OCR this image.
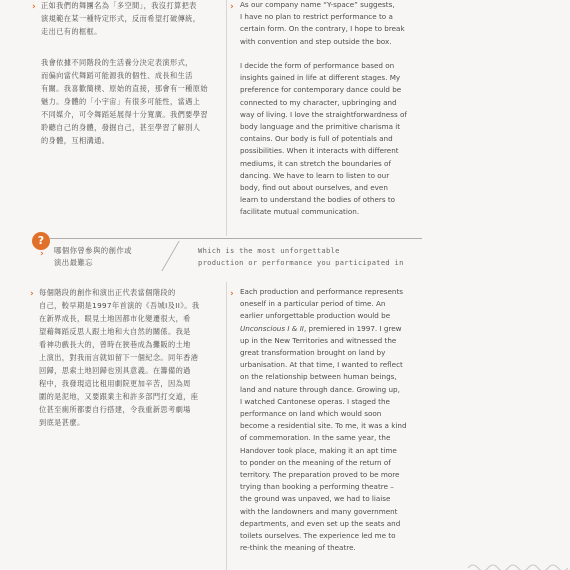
› 正如我們的舞團名為「多空間」，我沒打算把表

演規範在某一種特定形式，反而希望打破傳統，

走出已有的框框。

我會依據不同階段的生活養分決定表演形式，

而偏向當代舞蹈可能源我的個性、成長和生活

有關。我喜歡簡樸、原始的直接，那會有一種原始

魅力。身體的「小宇宙」有很多可能性，當遇上

不同媒介，可令舞蹈延展得十分寬廣。我們要學習

聆聽自己的身體，發掘自己，甚至學習了解別人

的身體，互相溝通。

› As our company name “Y-space” suggests,

I have no plan to restrict performance to a

certain form. On the contrary, I hope to break

with convention and step outside the box.

I decide the form of performance based on

insights gained in life at different stages. My

preference for contemporary dance could be

connected to my character, upbringing and

way of living. I love the straightforwardness of

body language and the primitive charisma it

contains. Our body is full of potentials and

possibilities. When it interacts with different

mediums, it can stretch the boundaries of

dancing. We have to learn to listen to our

body, find out about ourselves, and even

learn to understand the bodies of others to

facilitate mutual communication.

?
› 哪個你曾參與的創作或

演出最難忘

Which is the most unforgettable

production or performance you participated in

› 每個階段的創作和演出正代表當個階段的

自己，較早期是1997年首演的《吾城I及II》。我

在新界成長，眼見土地因都市化變遷很大，希

望藉舞蹈反思人跟土地和大自然的關係。我是

看神功戲長大的，曾時在狹巷成為攤販的土地

上演出，對我而言就如留下一個紀念。同年香港

回歸，思索土地回歸也別具意義。在籌備的過

程中，我發現這比租用劇院更加辛苦，因為周

圍的是泥地，又要跟業主和許多部門打交道，座

位甚至廁所都要自行搭建，令我重新思考劇場

到底是甚麼。

› Each production and performance represents

oneself in a particular period of time. An

earlier unforgettable production would be

Unconscious I & II, premiered in 1997. I grew

up in the New Territories and witnessed the

great transformation brought on land by

urbanisation. At that time, I wanted to reflect

on the relationship between human beings,

land and nature through dance. Growing up,

I watched Cantonese operas. I staged the

performance on land which would soon

become a residential site. To me, it was a kind

of commemoration. In the same year, the

Handover took place, making it an apt time

to ponder on the meaning of the return of

territory. The preparation proved to be more

trying than booking a performing theatre –

the ground was unpaved, we had to liaise

with the landowners and many government

departments, and even set up the seats and

toilets ourselves. The experience led me to

re-think the meaning of theatre.
